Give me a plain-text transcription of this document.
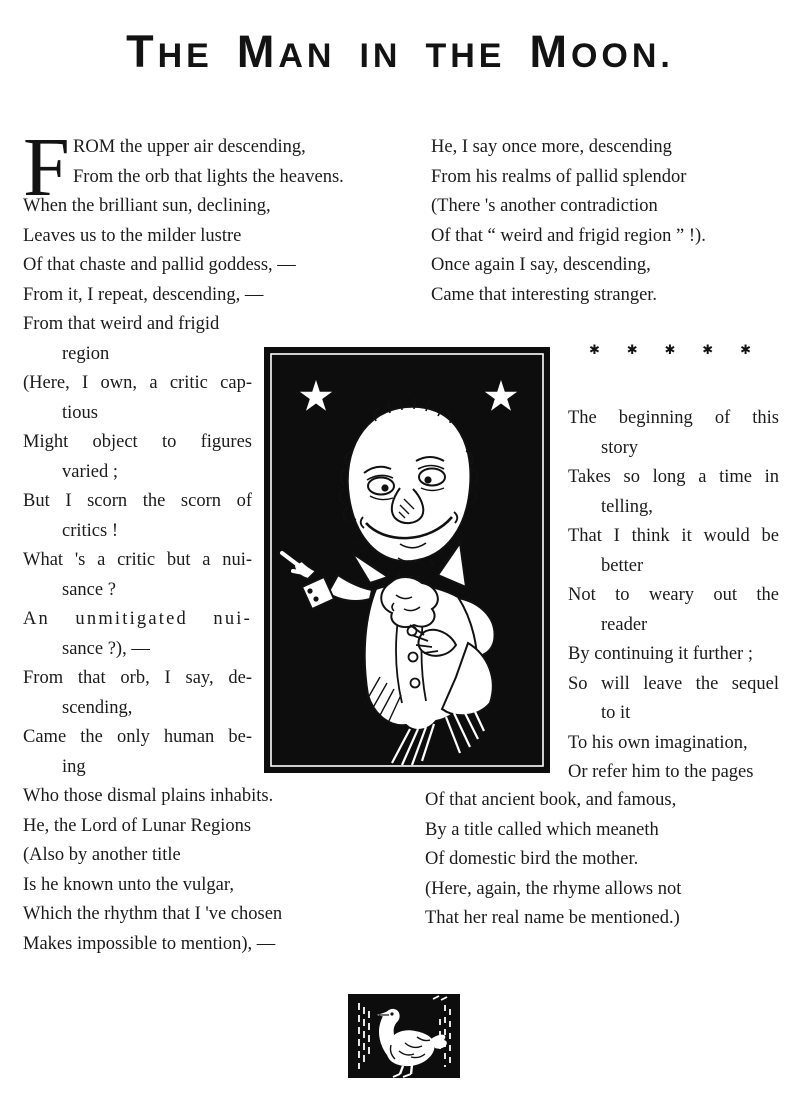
THE MAN IN THE MOON.
F ROM the upper air descending,
From the orb that lights the heavens.
When the brilliant sun, declining,
Leaves us to the milder lustre
Of that chaste and pallid goddess, —
From it, I repeat, descending, —
From that weird and frigid
region
(Here, I own, a critic cap-
tious
Might object to figures
varied ;
But I scorn the scorn of
critics !
What 's a critic but a nui-
sance ?
An unmitigated nui-
sance ?), —
From that orb, I say, de-
scending,
Came the only human be-
ing
Who those dismal plains inhabits.
He, the Lord of Lunar Regions
(Also by another title
Is he known unto the vulgar,
Which the rhythm that I 've chosen
Makes impossible to mention), —
He, I say once more, descending
From his realms of pallid splendor
(There 's another contradiction
Of that “ weird and frigid region ” !).
Once again I say, descending,
Came that interesting stranger.
✱ ✱ ✱ ✱ ✱
The beginning of this
story
Takes so long a time in
telling,
That I think it would be
better
Not to weary out the
reader
By continuing it further ;
So will leave the sequel
to it
To his own imagination,
Or refer him to the pages
Of that ancient book, and famous,
By a title called which meaneth
Of domestic bird the mother.
(Here, again, the rhyme allows not
That her real name be mentioned.)
